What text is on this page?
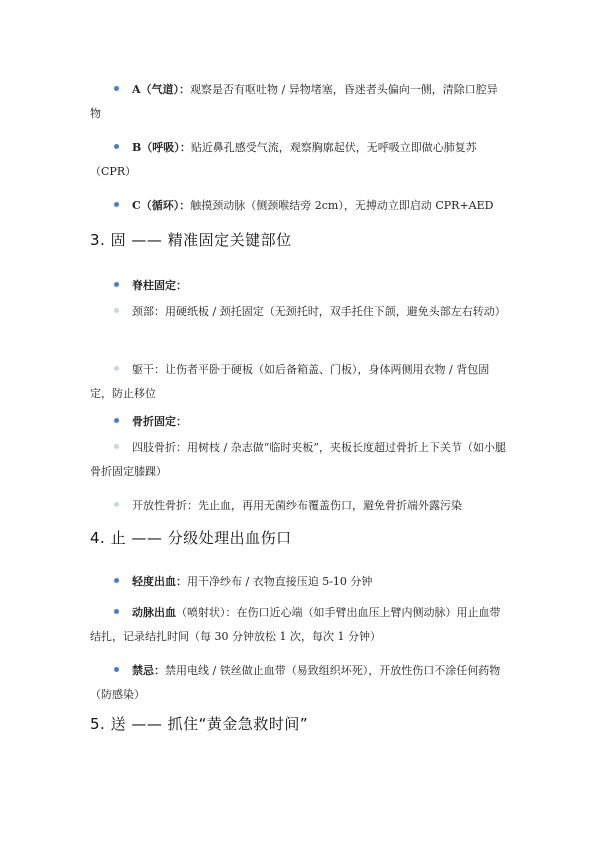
A（气道）：观察是否有呕吐物 / 异物堵塞，昏迷者头偏向一侧，清除口腔异物
B（呼吸）：贴近鼻孔感受气流，观察胸廓起伏，无呼吸立即做心肺复苏（CPR）
C（循环）：触摸颈动脉（侧颈喉结旁 2cm），无搏动立即启动 CPR+AED
3. 固 —— 精准固定关键部位
脊柱固定：
颈部：用硬纸板 / 颈托固定（无颈托时，双手托住下颌，避免头部左右转动）
躯干：让伤者平卧于硬板（如后备箱盖、门板），身体两侧用衣物 / 背包固定，防止移位
骨折固定：
四肢骨折：用树枝 / 杂志做“临时夹板”，夹板长度超过骨折上下关节（如小腿骨折固定膝踝）
开放性骨折：先止血，再用无菌纱布覆盖伤口，避免骨折端外露污染
4. 止 —— 分级处理出血伤口
轻度出血：用干净纱布 / 衣物直接压迫 5-10 分钟
动脉出血（喷射状）：在伤口近心端（如手臂出血压上臂内侧动脉）用止血带结扎，记录结扎时间（每 30 分钟放松 1 次，每次 1 分钟）
禁忌：禁用电线 / 铁丝做止血带（易致组织坏死），开放性伤口不涂任何药物（防感染）
5. 送 —— 抓住“黄金急救时间”
